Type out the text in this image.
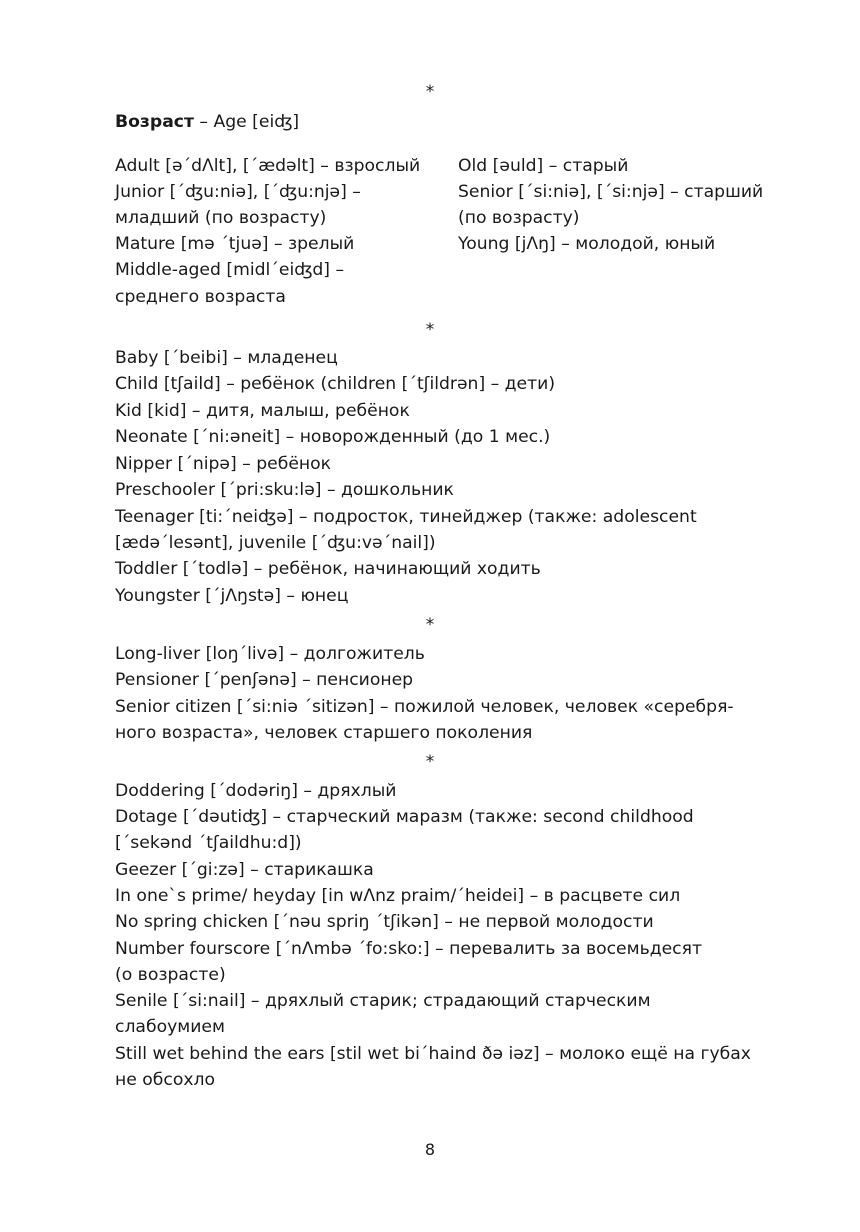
*
Возраст – Age [eiʤ]
Adult [əˊdɅlt], [ˊædəlt] – взрослый
Junior [ˊʤu:niə], [ˊʤu:njə] –
младший (по возрасту)
Mature [mə ˊtjuə] – зрелый
Middle-aged [midlˊeiʤd] –
среднего возраста
Old [əuld] – старый
Senior [ˊsi:niə], [ˊsi:njə] – старший
(по возрасту)
Young [jɅŋ] – молодой, юный
*
Baby [ˊbeibi] – младенец
Child [tʃaild] – ребёнок (children [ˊtʃildrən] – дети)
Kid [kid] – дитя, малыш, ребёнок
Neonate [ˊni:əneit] – новорожденный (до 1 мес.)
Nipper [ˊnipə] – ребёнок
Preschooler [ˊpri:sku:lə] – дошкольник
Teenager [ti:ˊneiʤə] – подросток, тинейджер (также: adolescent
[ædəˊlesənt], juvenile [ˊʤu:vəˊnail])
Toddler [ˊtodlə] – ребёнок, начинающий ходить
Youngster [ˊjɅŋstə] – юнец
*
Long-liver [loŋˊlivə] – долгожитель
Pensioner [ˊpenʃənə] – пенсионер
Senior citizen [ˊsi:niə ˊsitizən] – пожилой человек, человек «серебря-
ного возраста», человек старшего поколения
*
Doddering [ˊdodəriŋ] – дряхлый
Dotage [ˊdəutiʤ] – старческий маразм (также: second childhood
[ˊsekənd ˊtʃaildhu:d])
Geezer [ˊgi:zə] – старикашка
In one`s prime/ heyday [in wɅnz praim/ˊheidei] – в расцвете сил
No spring chicken [ˊnəu spriŋ ˊtʃikən] – не первой молодости
Number fourscore [ˊnɅmbə ˊfo:sko:] – перевалить за восемьдесят
(о возрасте)
Senile [ˊsi:nail] – дряхлый старик; страдающий старческим
слабоумием
Still wet behind the ears [stil wet biˊhaind ðə iəz] – молоко ещё на губах
не обсохло
8
